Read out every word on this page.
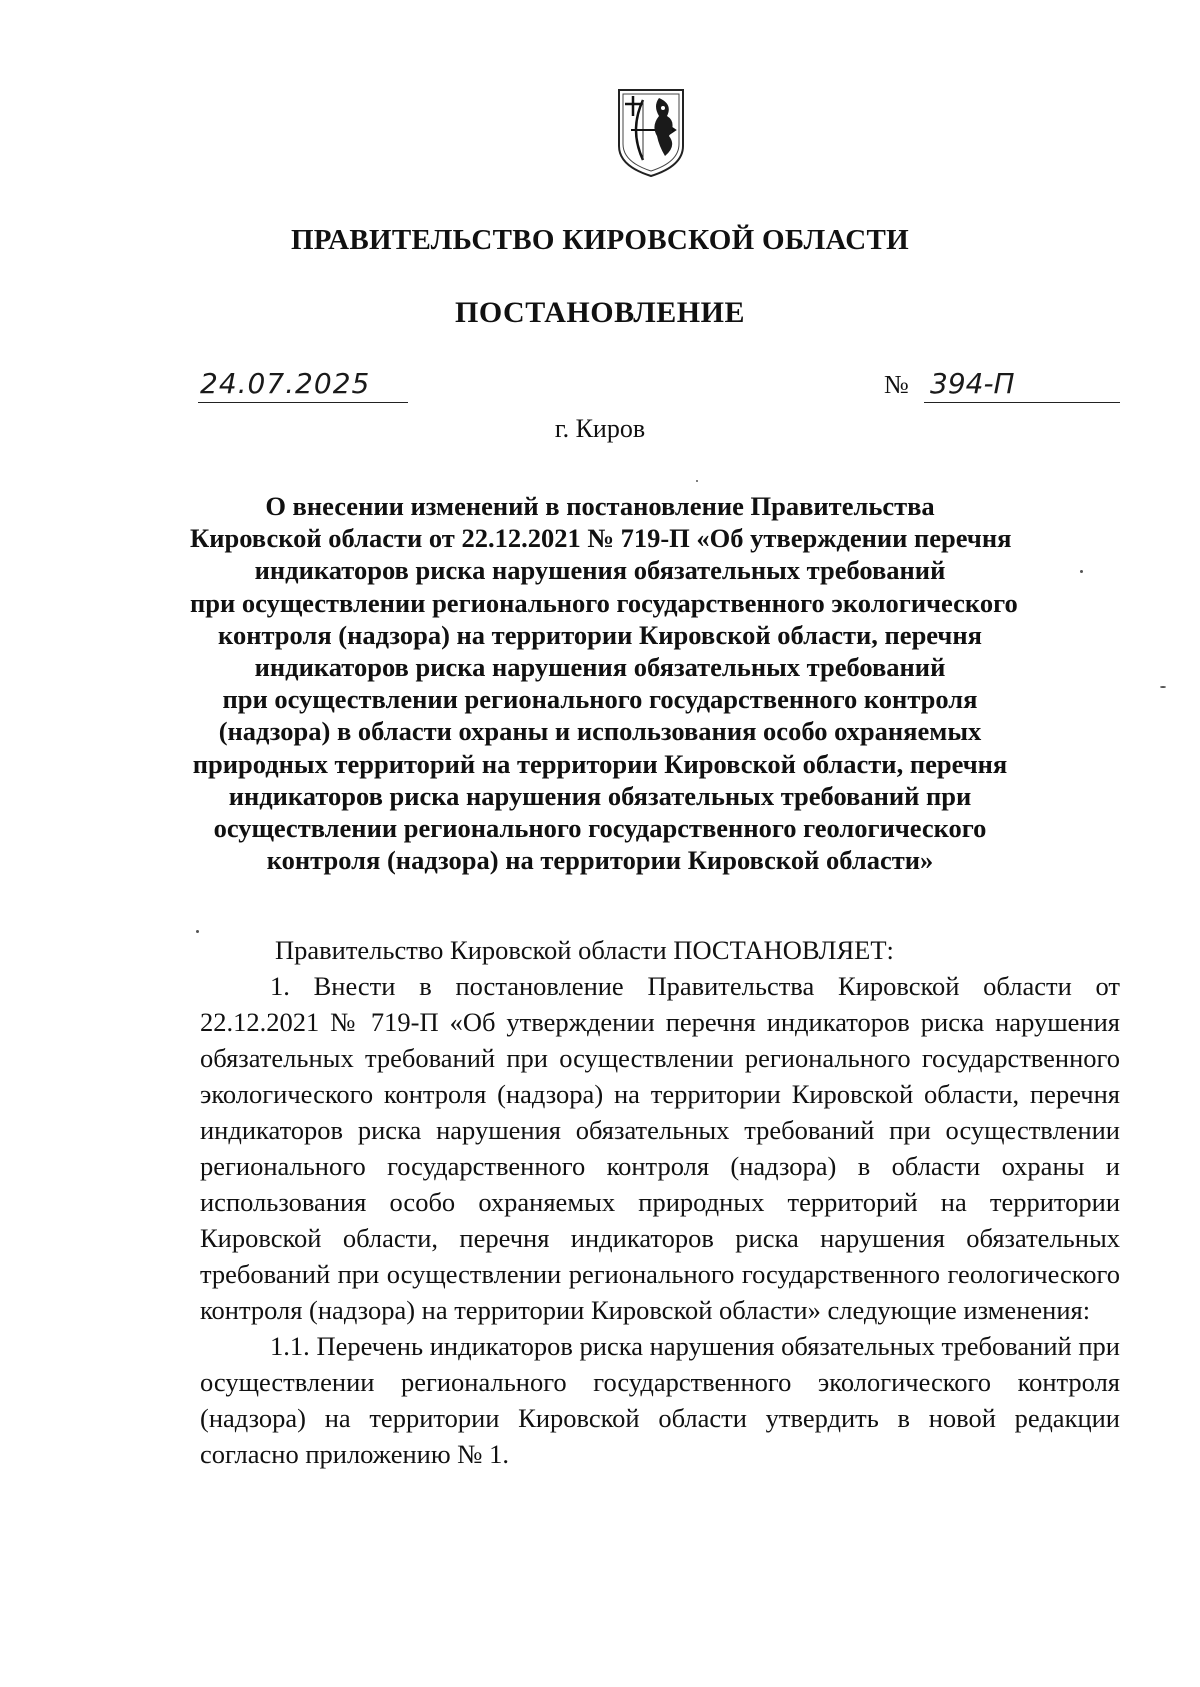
ПРАВИТЕЛЬСТВО КИРОВСКОЙ ОБЛАСТИ
ПОСТАНОВЛЕНИЕ
24.07.2025	№ 394-П
г. Киров
О внесении изменений в постановление Правительства
Кировской области от 22.12.2021 № 719-П «Об утверждении перечня
индикаторов риска нарушения обязательных требований
при осуществлении регионального государственного экологического
контроля (надзора) на территории Кировской области, перечня
индикаторов риска нарушения обязательных требований
при осуществлении регионального государственного контроля
(надзора) в области охраны и использования особо охраняемых
природных территорий на территории Кировской области, перечня
индикаторов риска нарушения обязательных требований при
осуществлении регионального государственного геологического
контроля (надзора) на территории Кировской области»

Правительство Кировской области ПОСТАНОВЛЯЕТ:

1. Внести в постановление Правительства Кировской области от 22.12.2021 № 719-П «Об утверждении перечня индикаторов риска нарушения обязательных требований при осуществлении регионального государственного экологического контроля (надзора) на территории Кировской области, перечня индикаторов риска нарушения обязательных требований при осуществлении регионального государственного контроля (надзора) в области охраны и использования особо охраняемых природных территорий на территории Кировской области, перечня индикаторов риска нарушения обязательных требований при осуществлении регионального государственного геологического контроля (надзора) на территории Кировской области» следующие изменения:

1.1. Перечень индикаторов риска нарушения обязательных требований при осуществлении регионального государственного экологического контроля (надзора) на территории Кировской области утвердить в новой редакции согласно приложению № 1.
